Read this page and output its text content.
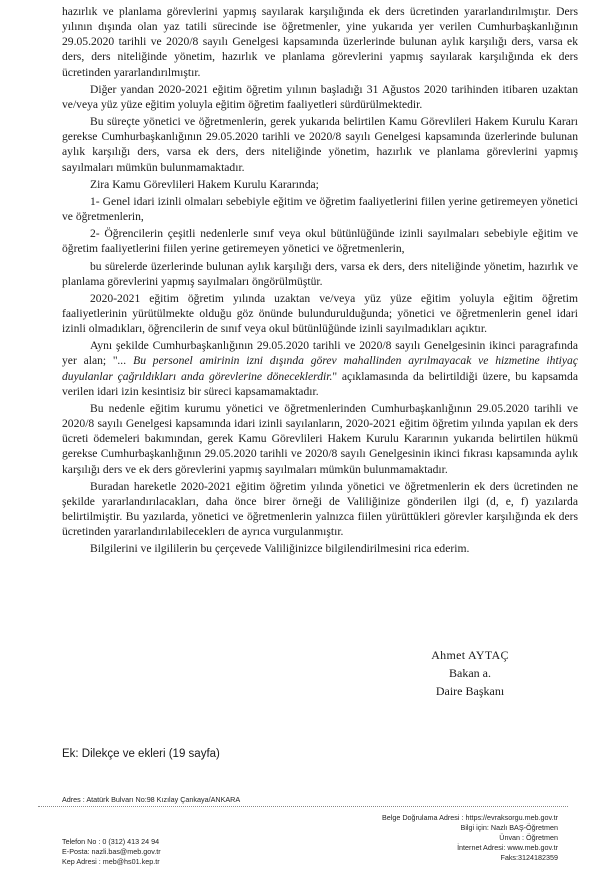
hazırlık ve planlama görevlerini yapmış sayılarak karşılığında ek ders ücretinden yararlandırılmıştır. Ders yılının dışında olan yaz tatili sürecinde ise öğretmenler, yine yukarıda yer verilen Cumhurbaşkanlığının 29.05.2020 tarihli ve 2020/8 sayılı Genelgesi kapsamında üzerlerinde bulunan aylık karşılığı ders, varsa ek ders, ders niteliğinde yönetim, hazırlık ve planlama görevlerini yapmış sayılarak karşılığında ek ders ücretinden yararlandırılmıştır.

Diğer yandan 2020-2021 eğitim öğretim yılının başladığı 31 Ağustos 2020 tarihinden itibaren uzaktan ve/veya yüz yüze eğitim yoluyla eğitim öğretim faaliyetleri sürdürülmektedir.

Bu süreçte yönetici ve öğretmenlerin, gerek yukarıda belirtilen Kamu Görevlileri Hakem Kurulu Kararı gerekse Cumhurbaşkanlığının 29.05.2020 tarihli ve 2020/8 sayılı Genelgesi kapsamında üzerlerinde bulunan aylık karşılığı ders, varsa ek ders, ders niteliğinde yönetim, hazırlık ve planlama görevlerini yapmış sayılmaları mümkün bulunmamaktadır.

Zira Kamu Görevlileri Hakem Kurulu Kararında;

1- Genel idari izinli olmaları sebebiyle eğitim ve öğretim faaliyetlerini fiilen yerine getiremeyen yönetici ve öğretmenlerin,

2- Öğrencilerin çeşitli nedenlerle sınıf veya okul bütünlüğünde izinli sayılmaları sebebiyle eğitim ve öğretim faaliyetlerini fiilen yerine getiremeyen yönetici ve öğretmenlerin,

bu sürelerde üzerlerinde bulunan aylık karşılığı ders, varsa ek ders, ders niteliğinde yönetim, hazırlık ve planlama görevlerini yapmış sayılmaları öngörülmüştür.

2020-2021 eğitim öğretim yılında uzaktan ve/veya yüz yüze eğitim yoluyla eğitim öğretim faaliyetlerinin yürütülmekte olduğu göz önünde bulundurulduğunda; yönetici ve öğretmenlerin genel idari izinli olmadıkları, öğrencilerin de sınıf veya okul bütünlüğünde izinli sayılmadıkları açıktır.

Aynı şekilde Cumhurbaşkanlığının 29.05.2020 tarihli ve 2020/8 sayılı Genelgesinin ikinci paragrafında yer alan; "... Bu personel amirinin izni dışında görev mahallinden ayrılmayacak ve hizmetine ihtiyaç duyulanlar çağrıldıkları anda görevlerine döneceklerdir." açıklamasında da belirtildiği üzere, bu kapsamda verilen idari izin kesintisiz bir süreci kapsamamaktadır.

Bu nedenle eğitim kurumu yönetici ve öğretmenlerinden Cumhurbaşkanlığının 29.05.2020 tarihli ve 2020/8 sayılı Genelgesi kapsamında idari izinli sayılanların, 2020-2021 eğitim öğretim yılında yapılan ek ders ücreti ödemeleri bakımından, gerek Kamu Görevlileri Hakem Kurulu Kararının yukarıda belirtilen hükmü gerekse Cumhurbaşkanlığının 29.05.2020 tarihli ve 2020/8 sayılı Genelgesinin ikinci fıkrası kapsamında aylık karşılığı ders ve ek ders görevlerini yapmış sayılmaları mümkün bulunmamaktadır.

Buradan hareketle 2020-2021 eğitim öğretim yılında yönetici ve öğretmenlerin ek ders ücretinden ne şekilde yararlandırılacakları, daha önce birer örneği de Valiliğinize gönderilen ilgi (d, e, f) yazılarda belirtilmiştir. Bu yazılarda, yönetici ve öğretmenlerin yalnızca fiilen yürüttükleri görevler karşılığında ek ders ücretinden yararlandırılabileceklerı de ayrıca vurgulanmıştır.

Bilgilerini ve ilgililerin bu çerçevede Valiliğinizce bilgilendirilmesini rica ederim.

Ahmet AYTAÇ
Bakan a.
Daire Başkanı
Ek: Dilekçe ve ekleri (19 sayfa)
Adres : Atatürk Bulvarı No:98 Kızılay Çankaya/ANKARA
Telefon No : 0 (312) 413 24 94
E-Posta: nazli.bas@meb.gov.tr
Kep Adresi : meb@hs01.kep.tr
Belge Doğrulama Adresi : https://evraksorgu.meb.gov.tr
Bilgi için: Nazlı BAŞ-Öğretmen
Ünvan : Öğretmen
İnternet Adresi: www.meb.gov.tr
Faks:3124182359
